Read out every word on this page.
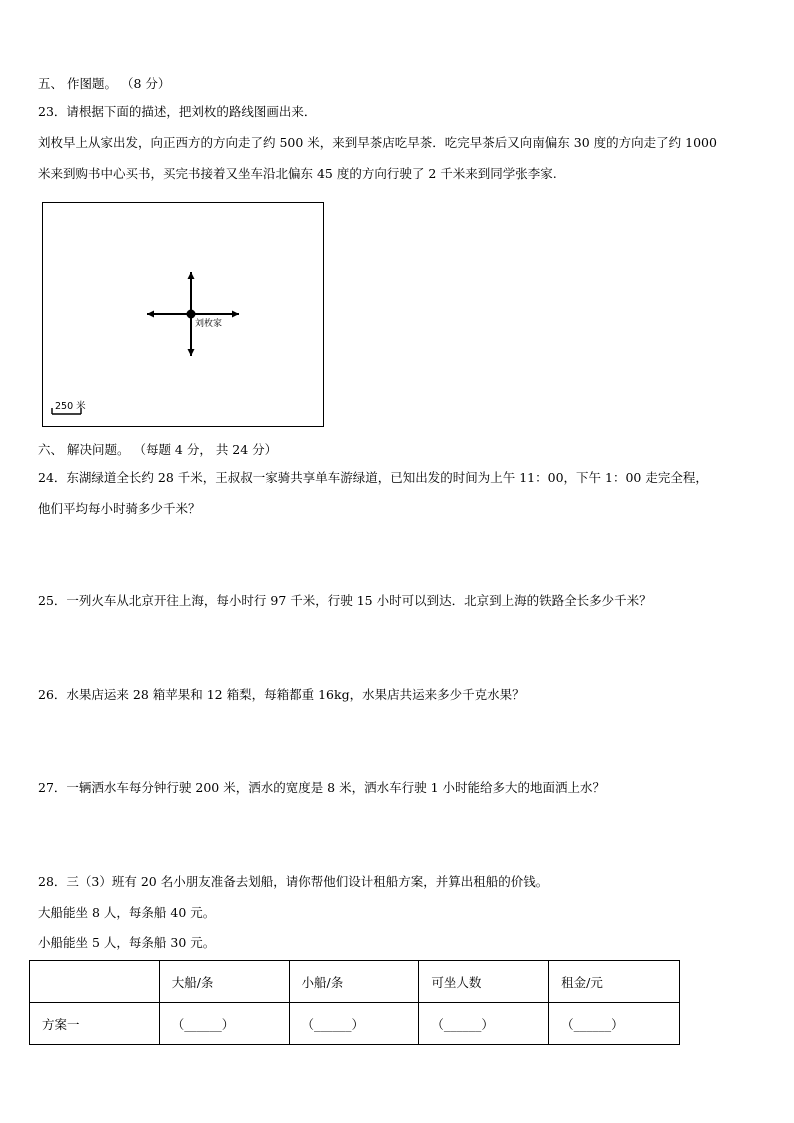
五、 作图题。 （8 分）
23．请根据下面的描述，把刘枚的路线图画出来．
刘枚早上从家出发，向正西方的方向走了约 500 米，来到早茶店吃早茶．吃完早茶后又向南偏东 30 度的方向走了约 1000
米来到购书中心买书，买完书接着又坐车沿北偏东 45 度的方向行驶了 2 千米来到同学张李家.
刘枚家
250 米
六、 解决问题。 （每题 4 分， 共 24 分）
24．东湖绿道全长约 28 千米，王叔叔一家骑共享单车游绿道，已知出发的时间为上午 11：00，下午 1：00 走完全程，
他们平均每小时骑多少千米？
25．一列火车从北京开往上海，每小时行 97 千米，行驶 15 小时可以到达．北京到上海的铁路全长多少千米？
26．水果店运来 28 箱苹果和 12 箱梨，每箱都重 16kg，水果店共运来多少千克水果？
27．一辆洒水车每分钟行驶 200 米，洒水的宽度是 8 米，洒水车行驶 1 小时能给多大的地面洒上水？
28．三（3）班有 20 名小朋友准备去划船，请你帮他们设计租船方案，并算出租船的价钱。
大船能坐 8 人，每条船 40 元。
小船能坐 5 人，每条船 30 元。
	大船/条	小船/条	可坐人数	租金/元
方案一	（______）	（______）	（______）	（______）
